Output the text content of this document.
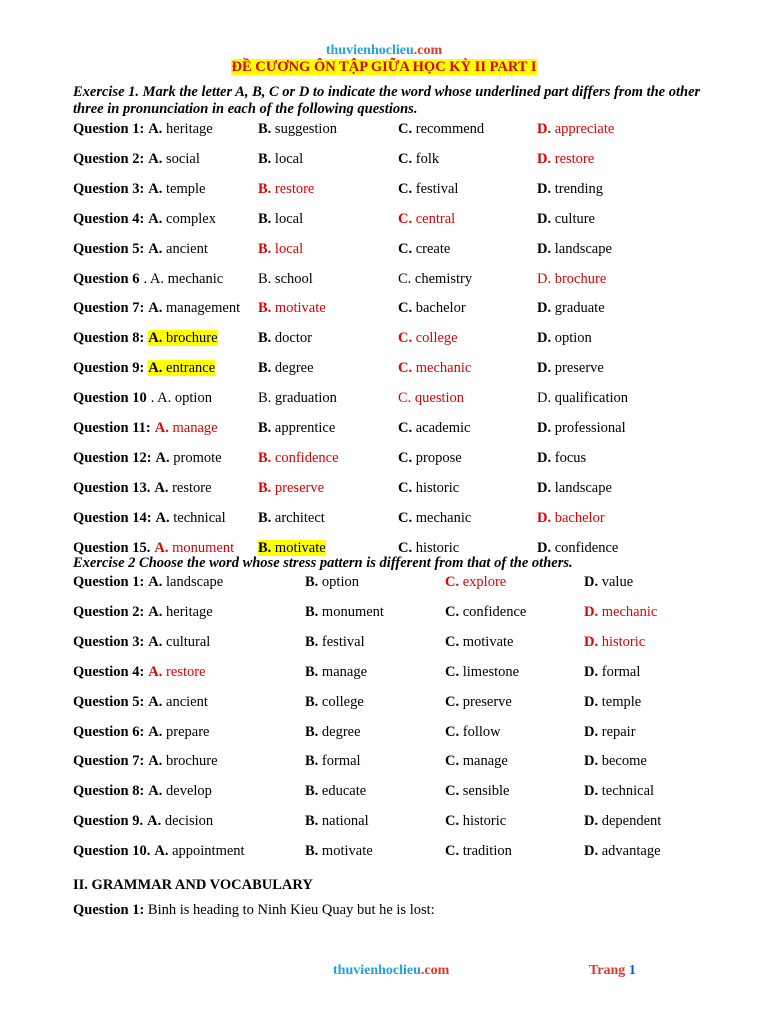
thuvienhoclieu.com
ĐỀ CƯƠNG ÔN TẬP GIỮA HỌC KỲ II PART I
Exercise 1. Mark the letter A, B, C or D to indicate the word whose underlined part differs from the other three in pronunciation in each of the following questions.
Question 1: A. heritage	B. suggestion	C. recommend	D. appreciate
Question 2: A. social	B. local	C. folk	D. restore
Question 3: A. temple	B. restore	C. festival	D. trending
Question 4: A. complex	B. local	C. central	D. culture
Question 5: A. ancient	B. local	C. create	D. landscape
Question 6 . A. mechanic B. school	C. chemistry	D. brochure
Question 7: A. management B. motivate	C. bachelor	D. graduate
Question 8: A. brochure	B. doctor	C. college	D. option
Question 9: A. entrance	B. degree	C. mechanic	D. preserve
Question 10 . A. option	B. graduation	C. question	D. qualification
Question 11: A. manage	B. apprentice	C. academic	D. professional
Question 12: A. promote	B. confidence	C. propose	D. focus
Question 13. A. restore	B. preserve	C. historic	D. landscape
Question 14: A. technical B. architect	C. mechanic	D. bachelor
Question 15. A. monument B. motivate	C. historic	D. confidence
Exercise 2 Choose the word whose stress pattern is different from that of the others.
Question 1: A. landscape	B. option	C. explore	D. value
Question 2: A. heritage	B. monument	C. confidence	D. mechanic
Question 3: A. cultural	B. festival	C. motivate	D. historic
Question 4: A. restore	B. manage	C. limestone	D. formal
Question 5: A. ancient	B. college	C. preserve	D. temple
Question 6: A. prepare	B. degree	C. follow	D. repair
Question 7: A. brochure	B. formal	C. manage	D. become
Question 8: A. develop	B. educate	C. sensible	D. technical
Question 9. A. decision	B. national	C. historic	D. dependent
Question 10. A. appointment	B. motivate	C. tradition	D. advantage
II. GRAMMAR AND VOCABULARY
Question 1: Binh is heading to Ninh Kieu Quay but he is lost:
thuvienhoclieu.com	Trang 1
